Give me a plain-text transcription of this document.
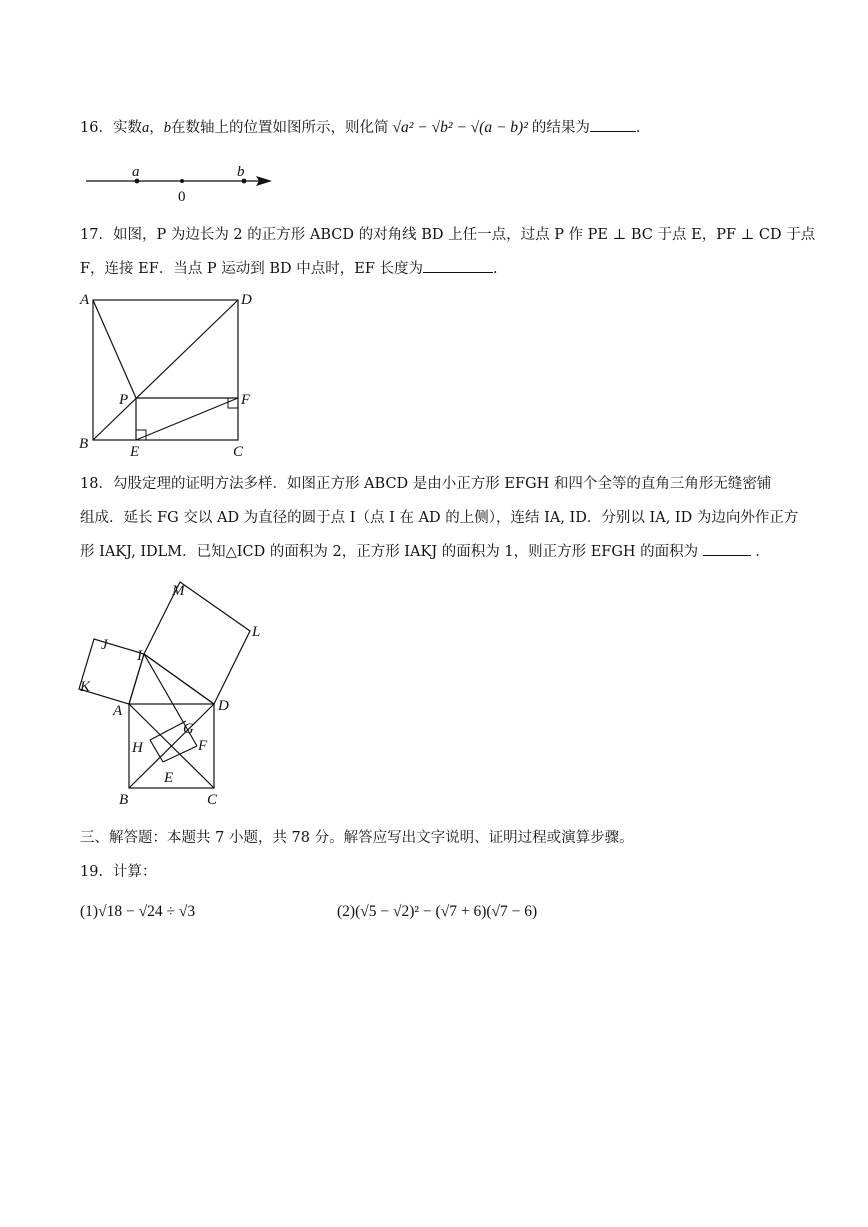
16．实数a，b在数轴上的位置如图所示，则化简 √a² − √b² − √(a − b)² 的结果为	．
a
0
b
17．如图，P 为边长为 2 的正方形 ABCD 的对角线 BD 上任一点，过点 P 作 PE ⊥ BC 于点 E，PF ⊥ CD 于点
F，连接 EF．当点 P 运动到 BD 中点时，EF 长度为	.
A	D
P	F
B	E	C
18．勾股定理的证明方法多样．如图正方形 ABCD 是由小正方形 EFGH 和四个全等的直角三角形无缝密铺
组成．延长 FG 交以 AD 为直径的圆于点 I（点 I 在 AD 的上侧），连结 IA, ID．分别以 IA, ID 为边向外作正方
形 IAKJ, IDLM．已知△ICD 的面积为 2，正方形 IAKJ 的面积为 1，则正方形 EFGH 的面积为	．
M
L
J
I
K
A	D
G
H	F
E
B	C
三、解答题：本题共 7 小题，共 78 分。解答应写出文字说明、证明过程或演算步骤。
19．计算：
(1)√18 − √24 ÷ √3	(2)(√5 − √2)² − (√7 + 6)(√7 − 6)
